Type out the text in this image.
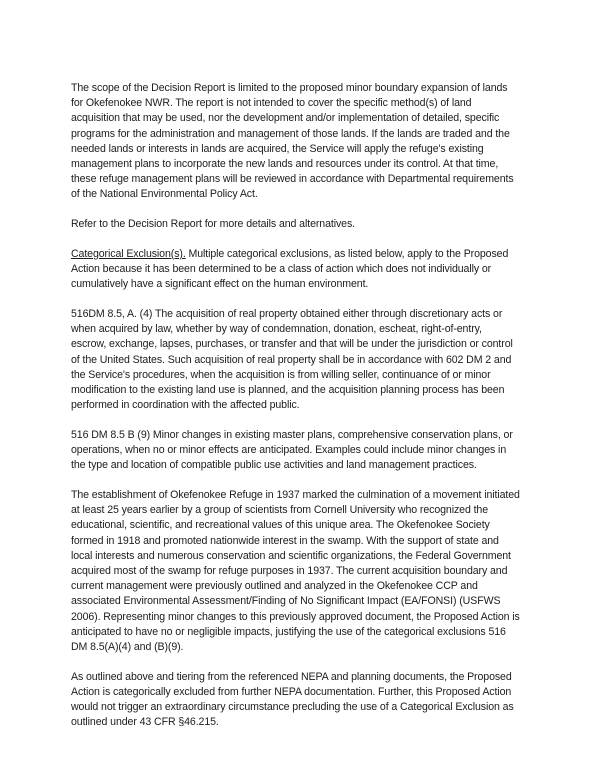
The scope of the Decision Report is limited to the proposed minor boundary expansion of lands
for Okefenokee NWR. The report is not intended to cover the specific method(s) of land
acquisition that may be used, nor the development and/or implementation of detailed, specific
programs for the administration and management of those lands. If the lands are traded and the
needed lands or interests in lands are acquired, the Service will apply the refuge's existing
management plans to incorporate the new lands and resources under its control. At that time,
these refuge management plans will be reviewed in accordance with Departmental requirements
of the National Environmental Policy Act.

Refer to the Decision Report for more details and alternatives.

Categorical Exclusion(s). Multiple categorical exclusions, as listed below, apply to the Proposed
Action because it has been determined to be a class of action which does not individually or
cumulatively have a significant effect on the human environment.

516DM 8.5, A. (4) The acquisition of real property obtained either through discretionary acts or
when acquired by law, whether by way of condemnation, donation, escheat, right-of-entry,
escrow, exchange, lapses, purchases, or transfer and that will be under the jurisdiction or control
of the United States. Such acquisition of real property shall be in accordance with 602 DM 2 and
the Service's procedures, when the acquisition is from willing seller, continuance of or minor
modification to the existing land use is planned, and the acquisition planning process has been
performed in coordination with the affected public.

516 DM 8.5 B (9) Minor changes in existing master plans, comprehensive conservation plans, or
operations, when no or minor effects are anticipated. Examples could include minor changes in
the type and location of compatible public use activities and land management practices.

The establishment of Okefenokee Refuge in 1937 marked the culmination of a movement initiated
at least 25 years earlier by a group of scientists from Cornell University who recognized the
educational, scientific, and recreational values of this unique area. The Okefenokee Society
formed in 1918 and promoted nationwide interest in the swamp. With the support of state and
local interests and numerous conservation and scientific organizations, the Federal Government
acquired most of the swamp for refuge purposes in 1937. The current acquisition boundary and
current management were previously outlined and analyzed in the Okefenokee CCP and
associated Environmental Assessment/Finding of No Significant Impact (EA/FONSI) (USFWS
2006). Representing minor changes to this previously approved document, the Proposed Action is
anticipated to have no or negligible impacts, justifying the use of the categorical exclusions 516
DM 8.5(A)(4) and (B)(9).

As outlined above and tiering from the referenced NEPA and planning documents, the Proposed
Action is categorically excluded from further NEPA documentation. Further, this Proposed Action
would not trigger an extraordinary circumstance precluding the use of a Categorical Exclusion as
outlined under 43 CFR §46.215.
